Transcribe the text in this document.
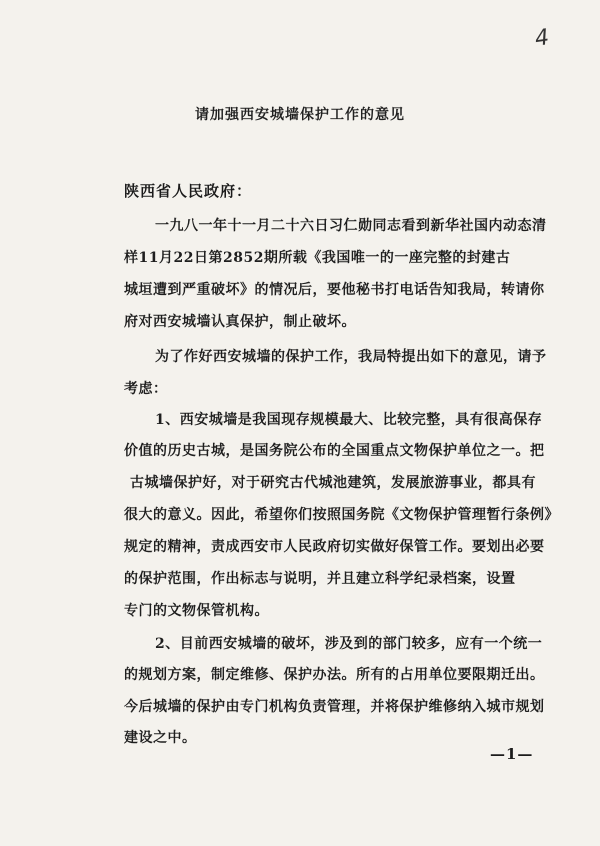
4
请加强西安城墙保护工作的意见
陕西省人民政府：
一九八一年十一月二十六日习仁勋同志看到新华社国内动态清
样11月22日第2852期所载《我国唯一的一座完整的封建古
城垣遭到严重破坏》的情况后，要他秘书打电话告知我局，转请你
府对西安城墙认真保护，制止破坏。
为了作好西安城墙的保护工作，我局特提出如下的意见，请予
考虑：
1、西安城墙是我国现存规模最大、比较完整，具有很高保存
价值的历史古城，是国务院公布的全国重点文物保护单位之一。把
古城墙保护好，对于研究古代城池建筑，发展旅游事业，都具有
很大的意义。因此，希望你们按照国务院《文物保护管理暂行条例》
规定的精神，责成西安市人民政府切实做好保管工作。要划出必要
的保护范围，作出标志与说明，并且建立科学纪录档案，设置
专门的文物保管机构。
2、目前西安城墙的破坏，涉及到的部门较多，应有一个统一
的规划方案，制定维修、保护办法。所有的占用单位要限期迁出。
今后城墙的保护由专门机构负责管理，并将保护维修纳入城市规划
建设之中。
—1—
